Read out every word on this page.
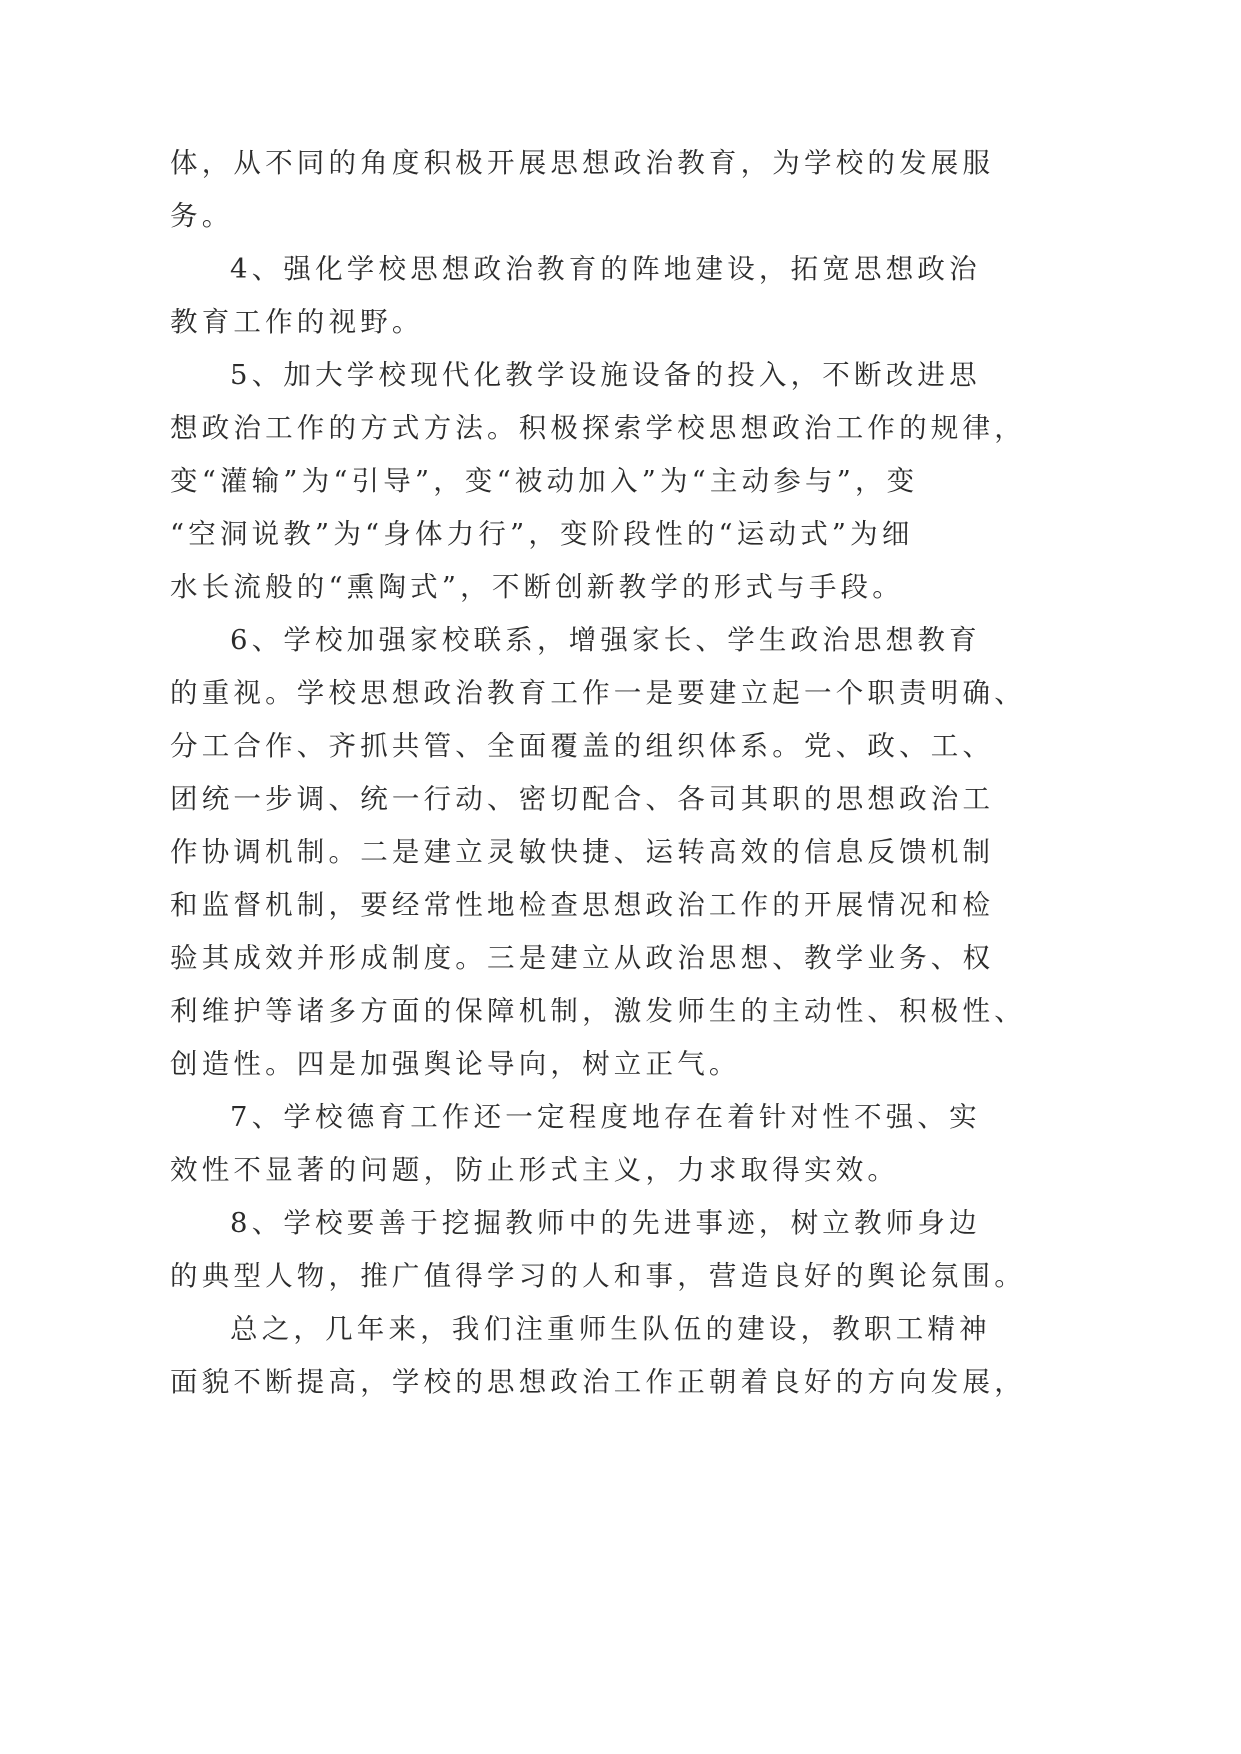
体，从不同的角度积极开展思想政治教育，为学校的发展服
务。
4、强化学校思想政治教育的阵地建设，拓宽思想政治
教育工作的视野。
5、加大学校现代化教学设施设备的投入，不断改进思
想政治工作的方式方法。积极探索学校思想政治工作的规律，
变“灌输”为“引导”，变“被动加入”为“主动参与”，变
“空洞说教”为“身体力行”，变阶段性的“运动式”为细
水长流般的“熏陶式”，不断创新教学的形式与手段。
6、学校加强家校联系，增强家长、学生政治思想教育
的重视。学校思想政治教育工作一是要建立起一个职责明确、
分工合作、齐抓共管、全面覆盖的组织体系。党、政、工、
团统一步调、统一行动、密切配合、各司其职的思想政治工
作协调机制。二是建立灵敏快捷、运转高效的信息反馈机制
和监督机制，要经常性地检查思想政治工作的开展情况和检
验其成效并形成制度。三是建立从政治思想、教学业务、权
利维护等诸多方面的保障机制，激发师生的主动性、积极性、
创造性。四是加强舆论导向，树立正气。
7、学校德育工作还一定程度地存在着针对性不强、实
效性不显著的问题，防止形式主义，力求取得实效。
8、学校要善于挖掘教师中的先进事迹，树立教师身边
的典型人物，推广值得学习的人和事，营造良好的舆论氛围。
总之，几年来，我们注重师生队伍的建设，教职工精神
面貌不断提高，学校的思想政治工作正朝着良好的方向发展，
